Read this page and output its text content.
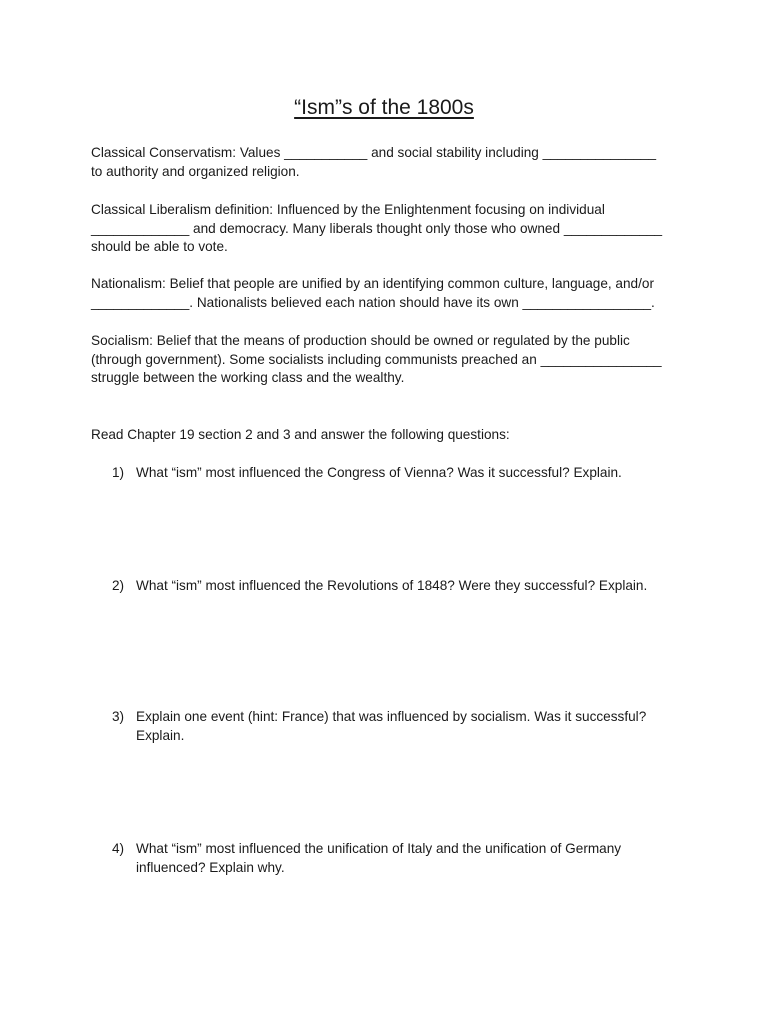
“Ism”s of the 1800s

Classical Conservatism: Values ___________ and social stability including _______________
to authority and organized religion.

Classical Liberalism definition: Influenced by the Enlightenment focusing on individual
_____________ and democracy. Many liberals thought only those who owned _____________
should be able to vote.

Nationalism: Belief that people are unified by an identifying common culture, language, and/or
_____________. Nationalists believed each nation should have its own _________________.

Socialism: Belief that the means of production should be owned or regulated by the public
(through government). Some socialists including communists preached an ________________
struggle between the working class and the wealthy.

Read Chapter 19 section 2 and 3 and answer the following questions:

1) What “ism” most influenced the Congress of Vienna? Was it successful? Explain.
2) What “ism” most influenced the Revolutions of 1848? Were they successful? Explain.
3) Explain one event (hint: France) that was influenced by socialism. Was it successful?
Explain.
4) What “ism” most influenced the unification of Italy and the unification of Germany
influenced? Explain why.
